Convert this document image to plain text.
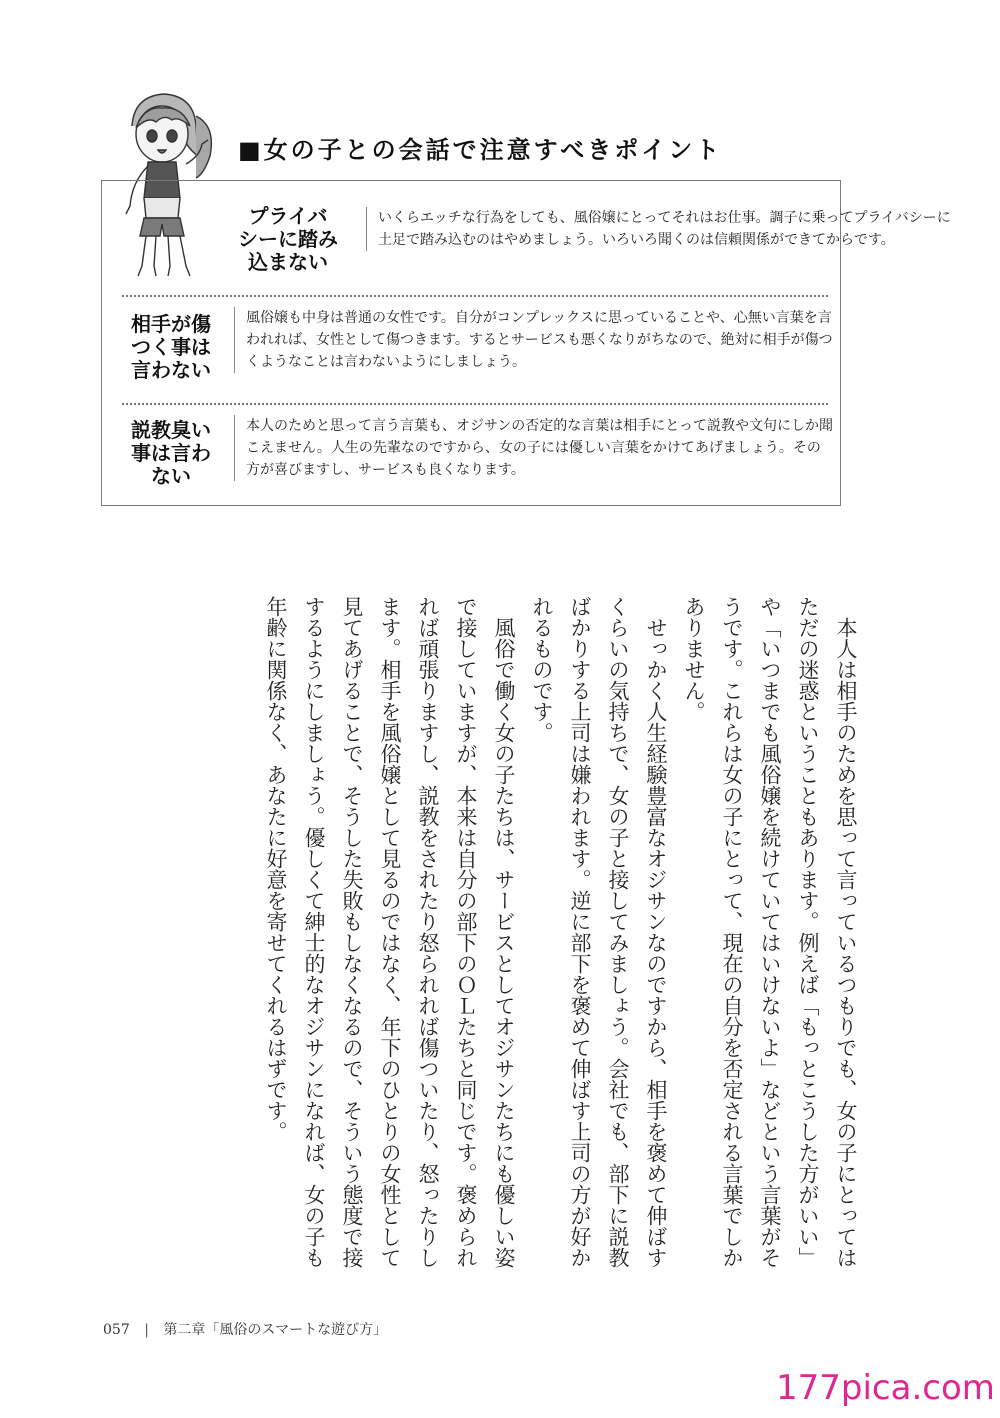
■女の子との会話で注意すべきポイント

プライバ
シーに踏み
込まない

いくらエッチな行為をしても、風俗嬢にとってそれはお仕事。調子に乗ってプライバシーに土足で踏み込むのはやめましょう。いろいろ聞くのは信頼関係ができてからです。

相手が傷
つく事は
言わない

風俗嬢も中身は普通の女性です。自分がコンプレックスに思っていることや、心無い言葉を言われれば、女性として傷つきます。するとサービスも悪くなりがちなので、絶対に相手が傷つくようなことは言わないようにしましょう。

説教臭い
事は言わ
ない

本人のためと思って言う言葉も、オジサンの否定的な言葉は相手にとって説教や文句にしか聞こえません。人生の先輩なのですから、女の子には優しい言葉をかけてあげましょう。その方が喜びますし、サービスも良くなります。

本人は相手のためを思って言っているつもりでも、女の子にとってはただの迷惑ということもあります。例えば「もっとこうした方がいい」や「いつまでも風俗嬢を続けていてはいけないよ」などという言葉がそうです。これらは女の子にとって、現在の自分を否定される言葉でしかありません。

せっかく人生経験豊富なオジサンなのですから、相手を褒めて伸ばすくらいの気持ちで、女の子と接してみましょう。会社でも、部下に説教ばかりする上司は嫌われます。逆に部下を褒めて伸ばす上司の方が好かれるものです。

風俗で働く女の子たちは、サービスとしてオジサンたちにも優しい姿で接していますが、本来は自分の部下のＯＬたちと同じです。褒められれば頑張りますし、説教をされたり怒られれば傷ついたり、怒ったりします。相手を風俗嬢として見るのではなく、年下のひとりの女性として見てあげることで、そうした失敗もしなくなるので、そういう態度で接するようにしましょう。優しくて紳士的なオジサンになれば、女の子も年齢に関係なく、あなたに好意を寄せてくれるはずです。

057 | 第二章「風俗のスマートな遊び方」
177pica.com
